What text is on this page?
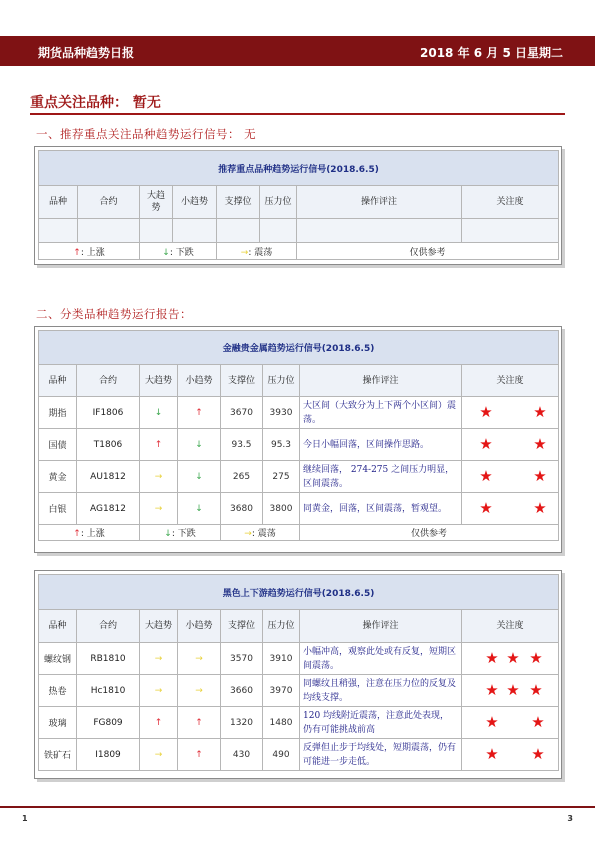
期货品种趋势日报	2018 年 6 月 5 日星期二
重点关注品种： 暂无
一、推荐重点关注品种趋势运行信号： 无
推荐重点品种趋势运行信号(2018.6.5)							
品种	合约	大趋势	小趋势	支撑位	压力位	操作评注	关注度

↑: 上涨		↓: 下跌		→: 震荡		仅供参考	
二、分类品种趋势运行报告：
金融贵金属趋势运行信号(2018.6.5)							
品种	合约	大趋势	小趋势	支撑位	压力位	操作评注	关注度
期指	IF1806	↓	↑	3670	3930	大区间（大致分为上下两个小区间）震荡。	★ ★

国债	T1806	↑	↓	93.5	95.3	今日小幅回落，区间操作思路。	★ ★

黄金	AU1812	→	↓	265	275	继续回落， 274-275 之间压力明显，区间震荡。	★ ★

白银	AG1812	→	↓	3680	3800	同黄金，回落，区间震荡，暂观望。	★ ★

↑: 上涨		↓: 下跌		→: 震荡		仅供参考	
黑色上下游趋势运行信号(2018.6.5)							
品种	合约	大趋势	小趋势	支撑位	压力位	操作评注	关注度
螺纹钢	RB1810	→	→	3570	3910	小幅冲高，观察此处或有反复，短期区间震荡。	★ ★ ★

热卷	Hc1810	→	→	3660	3970	同螺纹且稍强，注意在压力位的反复及均线支撑。	★ ★ ★

玻璃	FG809	↑	↑	1320	1480	120 均线附近震荡，注意此处表现，仍有可能挑战前高	★ ★

铁矿石	I1809	→	↑	430	490	反弹但止步于均线处，短期震荡，仍有可能进一步走低。	★ ★
1	3
